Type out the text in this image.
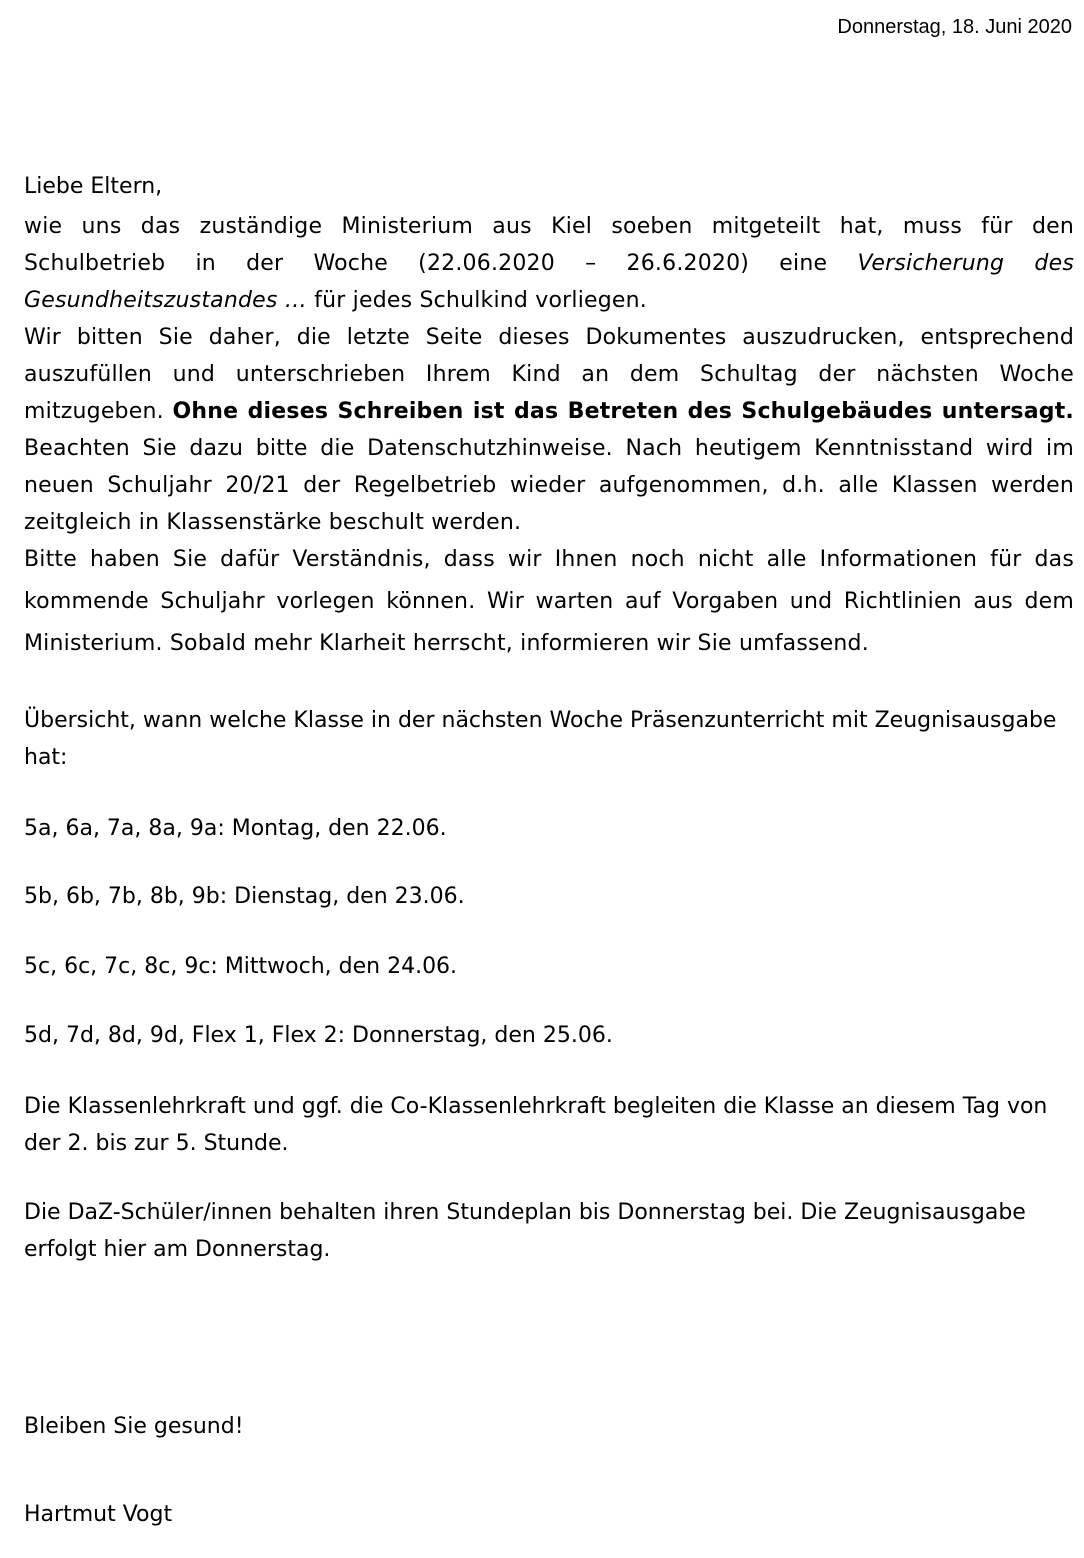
Donnerstag, 18. Juni 2020
Liebe Eltern,
wie uns das zuständige Ministerium aus Kiel soeben mitgeteilt hat, muss für den Schulbetrieb in der Woche (22.06.2020 – 26.6.2020) eine Versicherung des Gesundheitszustandes … für jedes Schulkind vorliegen.
Wir bitten Sie daher, die letzte Seite dieses Dokumentes auszudrucken, entsprechend auszufüllen und unterschrieben Ihrem Kind an dem Schultag der nächsten Woche mitzugeben. Ohne dieses Schreiben ist das Betreten des Schulgebäudes untersagt. Beachten Sie dazu bitte die Datenschutzhinweise. Nach heutigem Kenntnisstand wird im neuen Schuljahr 20/21 der Regelbetrieb wieder aufgenommen, d.h. alle Klassen werden zeitgleich in Klassenstärke beschult werden.
Bitte haben Sie dafür Verständnis, dass wir Ihnen noch nicht alle Informationen für das kommende Schuljahr vorlegen können. Wir warten auf Vorgaben und Richtlinien aus dem Ministerium. Sobald mehr Klarheit herrscht, informieren wir Sie umfassend.
Übersicht, wann welche Klasse in der nächsten Woche Präsenzunterricht mit Zeugnisausgabe hat:
5a, 6a, 7a, 8a, 9a: Montag, den 22.06.
5b, 6b, 7b, 8b, 9b: Dienstag, den 23.06.
5c, 6c, 7c, 8c, 9c: Mittwoch, den 24.06.
5d, 7d, 8d, 9d, Flex 1, Flex 2: Donnerstag, den 25.06.
Die Klassenlehrkraft und ggf. die Co-Klassenlehrkraft begleiten die Klasse an diesem Tag von der 2. bis zur 5. Stunde.
Die DaZ-Schüler/innen behalten ihren Stundeplan bis Donnerstag bei. Die Zeugnisausgabe erfolgt hier am Donnerstag.
Bleiben Sie gesund!
Hartmut Vogt
